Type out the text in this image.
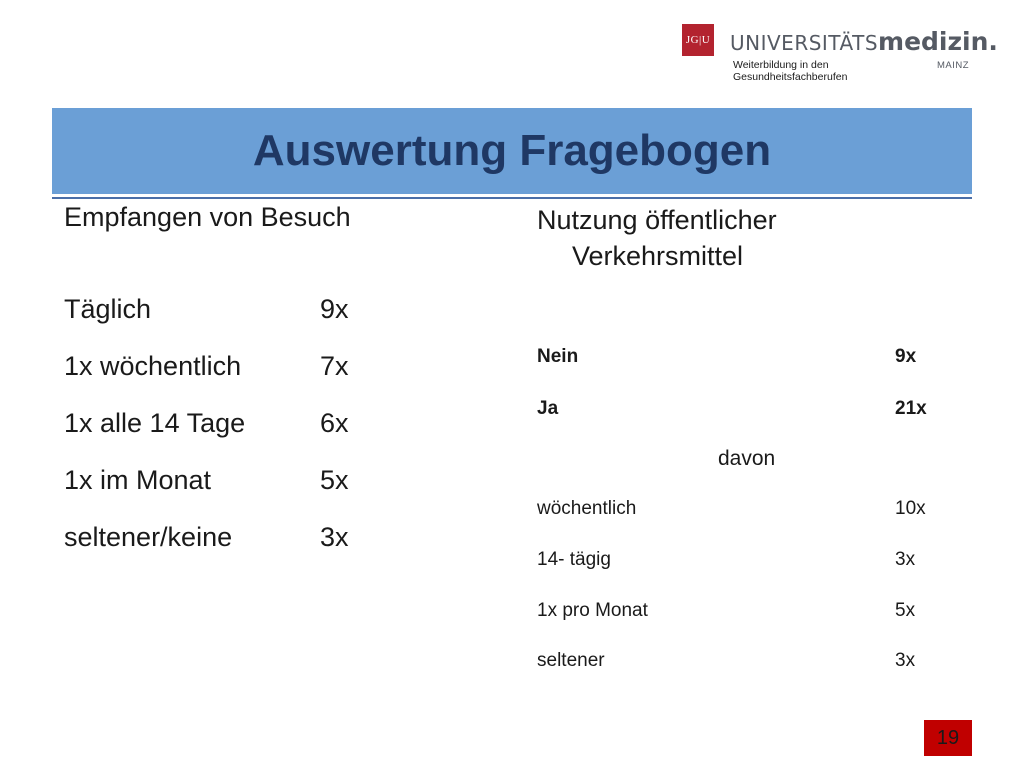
JG|U UNIVERSITÄTSmedizin.
Weiterbildung in den
Gesundheitsfachberufen
MAINZ
Auswertung Fragebogen
Empfangen von Besuch
Täglich	9x
1x wöchentlich	7x
1x alle 14 Tage	6x
1x im Monat	5x
seltener/keine	3x
Nutzung öffentlicher
Verkehrsmittel
Nein	9x
Ja	21x
davon
wöchentlich	10x
14- tägig	3x
1x pro Monat	5x
seltener	3x
19
